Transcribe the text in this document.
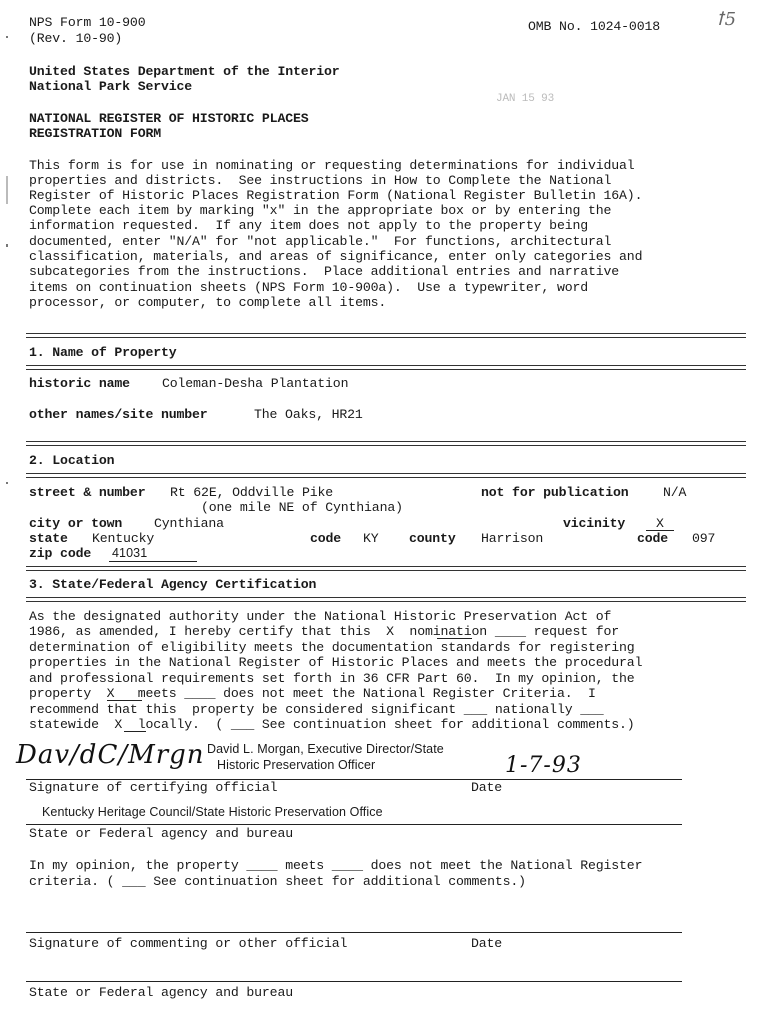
NPS Form 10-900
(Rev. 10-90)
OMB No. 1024-0018	ꝉ5
United States Department of the Interior
National Park Service
JAN 15 93
NATIONAL REGISTER OF HISTORIC PLACES
REGISTRATION FORM
This form is for use in nominating or requesting determinations for individual
properties and districts.  See instructions in How to Complete the National
Register of Historic Places Registration Form (National Register Bulletin 16A).
Complete each item by marking "x" in the appropriate box or by entering the
information requested.  If any item does not apply to the property being
documented, enter "N/A" for "not applicable."  For functions, architectural
classification, materials, and areas of significance, enter only categories and
subcategories from the instructions.  Place additional entries and narrative
items on continuation sheets (NPS Form 10-900a).  Use a typewriter, word
processor, or computer, to complete all items.
1. Name of Property
historic name Coleman-Desha Plantation
other names/site number	The Oaks, HR21
2. Location
street & number Rt 62E, Oddville Pike	not for publication	N/A
(one mile NE of Cynthiana)
city or town Cynthiana	vicinity X
state Kentucky	code KY county Harrison	code 097
zip code 41031
3. State/Federal Agency Certification
As the designated authority under the National Historic Preservation Act of
1986, as amended, I hereby certify that this  X  nomination ____ request for
determination of eligibility meets the documentation standards for registering
properties in the National Register of Historic Places and meets the procedural
and professional requirements set forth in 36 CFR Part 60.  In my opinion, the
property  X   meets ____ does not meet the National Register Criteria.  I
recommend that this  property be considered significant ___ nationally ___
statewide  X  locally.  ( ___ See continuation sheet for additional comments.)
David L. Morgan, Executive Director/State
Historic Preservation Officer
Dav/dC/Mrgn	1-7-93
Signature of certifying official	Date
Kentucky Heritage Council/State Historic Preservation Office
State or Federal agency and bureau
In my opinion, the property ____ meets ____ does not meet the National Register
criteria. ( ___ See continuation sheet for additional comments.)
Signature of commenting or other official	Date
State or Federal agency and bureau
